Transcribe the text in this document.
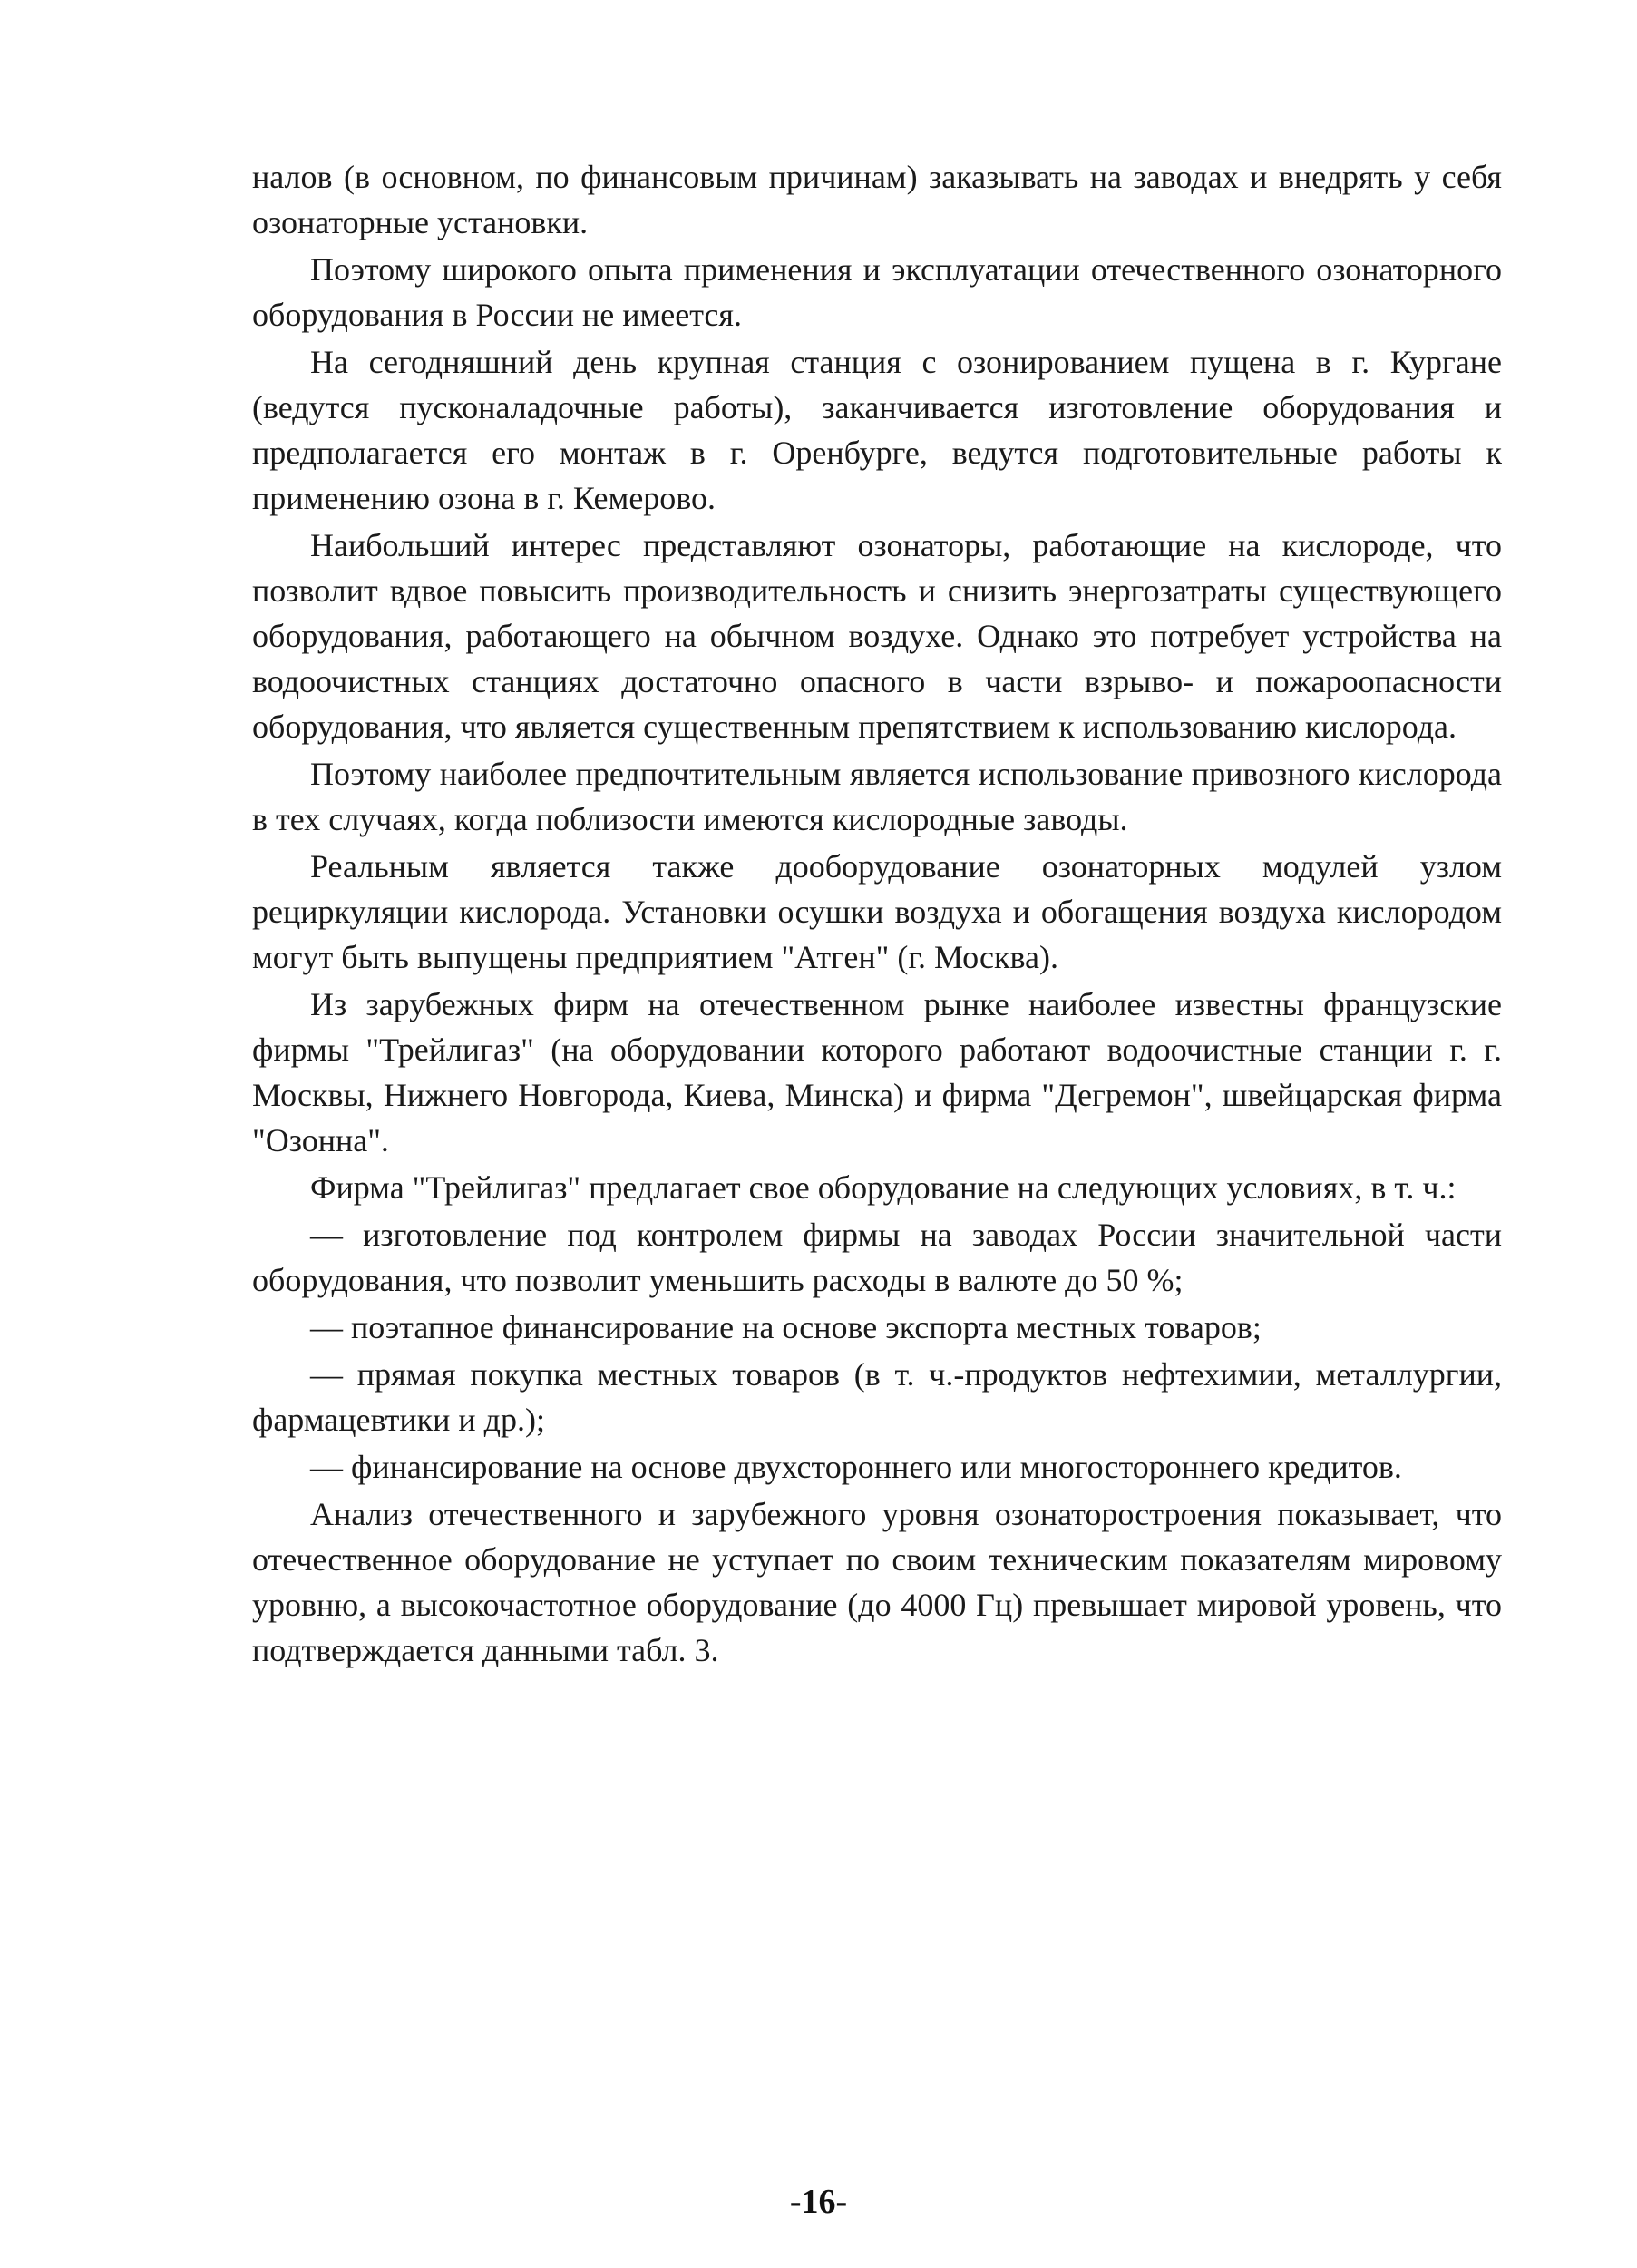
налов (в основном, по финансовым причинам) заказывать на заводах и внедрять у себя озонаторные установки.

Поэтому широкого опыта применения и эксплуатации отечественного озонаторного оборудования в России не имеется.

На сегодняшний день крупная станция с озонированием пущена в г. Кургане (ведутся пусконаладочные работы), заканчивается изготовление оборудования и предполагается его монтаж в г. Оренбурге, ведутся подготовительные работы к применению озона в г. Кемерово.

Наибольший интерес представляют озонаторы, работающие на кислороде, что позволит вдвое повысить производительность и снизить энергозатраты существующего оборудования, работающего на обычном воздухе. Однако это потребует устройства на водоочистных станциях достаточно опасного в части взрыво- и пожароопасности оборудования, что является существенным препятствием к использованию кислорода.

Поэтому наиболее предпочтительным является использование привозного кислорода в тех случаях, когда поблизости имеются кислородные заводы.

Реальным является также дооборудование озонаторных модулей узлом рециркуляции кислорода. Установки осушки воздуха и обогащения воздуха кислородом могут быть выпущены предприятием "Атген" (г. Москва).

Из зарубежных фирм на отечественном рынке наиболее известны французские фирмы "Трейлигаз" (на оборудовании которого работают водоочистные станции г. г. Москвы, Нижнего Новгорода, Киева, Минска) и фирма "Дегремон", швейцарская фирма "Озонна".

Фирма "Трейлигаз" предлагает свое оборудование на следующих условиях, в т. ч.:

— изготовление под контролем фирмы на заводах России значительной части оборудования, что позволит уменьшить расходы в валюте до 50 %;

— поэтапное финансирование на основе экспорта местных товаров;

— прямая покупка местных товаров (в т. ч.-продуктов нефтехимии, металлургии, фармацевтики и др.);

— финансирование на основе двухстороннего или многостороннего кредитов.

Анализ отечественного и зарубежного уровня озонаторостроения показывает, что отечественное оборудование не уступает по своим техническим показателям мировому уровню, а высокочастотное оборудование (до 4000 Гц) превышает мировой уровень, что подтверждается данными табл. 3.

-16-
